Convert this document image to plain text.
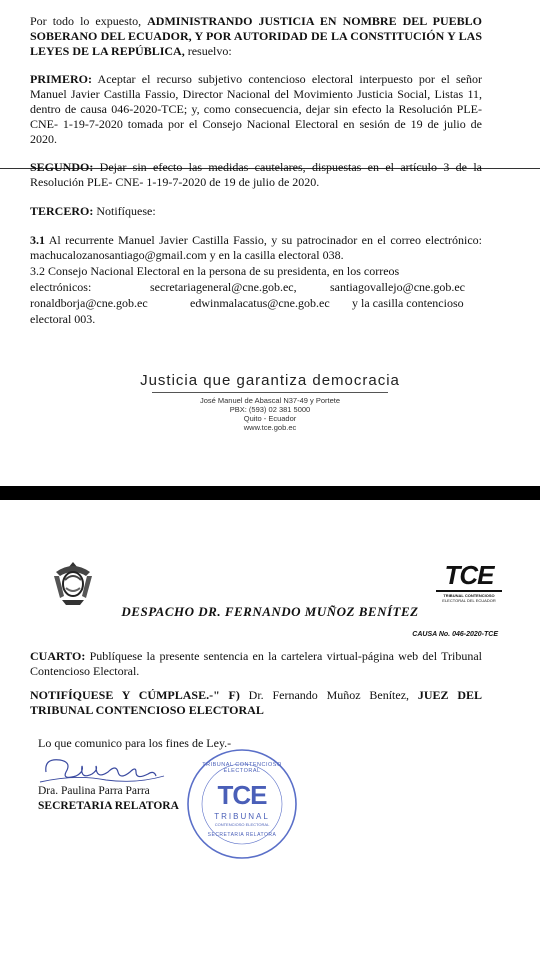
Por todo lo expuesto, ADMINISTRANDO JUSTICIA EN NOMBRE DEL PUEBLO SOBERANO DEL ECUADOR, Y POR AUTORIDAD DE LA CONSTITUCIÓN Y LAS LEYES DE LA REPÚBLICA, resuelvo:

PRIMERO: Aceptar el recurso subjetivo contencioso electoral interpuesto por el señor Manuel Javier Castilla Fassio, Director Nacional del Movimiento Justicia Social, Listas 11, dentro de causa 046-2020-TCE; y, como consecuencia, dejar sin efecto la Resolución PLE- CNE- 1-19-7-2020 tomada por el Consejo Nacional Electoral en sesión de 19 de julio de 2020.

SEGUNDO: Dejar sin efecto las medidas cautelares, dispuestas en el artículo 3 de la Resolución PLE- CNE- 1-19-7-2020 de 19 de julio de 2020.

TERCERO: Notifíquese:

3.1 Al recurrente Manuel Javier Castilla Fassio, y su patrocinador en el correo electrónico: machucalozanosantiago@gmail.com y en la casilla electoral 038.

3.2 Consejo Nacional Electoral en la persona de su presidenta, en los correos
electrónicos:	secretariageneral@cne.gob.ec,	santiagovallejo@cne.gob.ec
ronaldborja@cne.gob.ec	edwinmalacatus@cne.gob.ec y la casilla contencioso
electoral 003.
Justicia que garantiza democracia
José Manuel de Abascal N37-49 y Portete
PBX: (593) 02 381 5000
Quito - Ecuador
www.tce.gob.ec
TCE
TRIBUNAL CONTENCIOSO
ELECTORAL DEL ECUADOR
DESPACHO DR. FERNANDO MUÑOZ BENÍTEZ
CAUSA No. 046-2020-TCE

CUARTO: Publíquese la presente sentencia en la cartelera virtual-página web del Tribunal Contencioso Electoral.

NOTIFÍQUESE Y CÚMPLASE.-" F) Dr. Fernando Muñoz Benítez, JUEZ DEL TRIBUNAL CONTENCIOSO ELECTORAL

Lo que comunico para los fines de Ley.-
Dra. Paulina Parra Parra
SECRETARIA RELATORA
TRIBUNAL CONTENCIOSO ELECTORAL
TCE
TRIBUNAL
CONTENCIOSO ELECTORAL
SECRETARIA RELATORA
